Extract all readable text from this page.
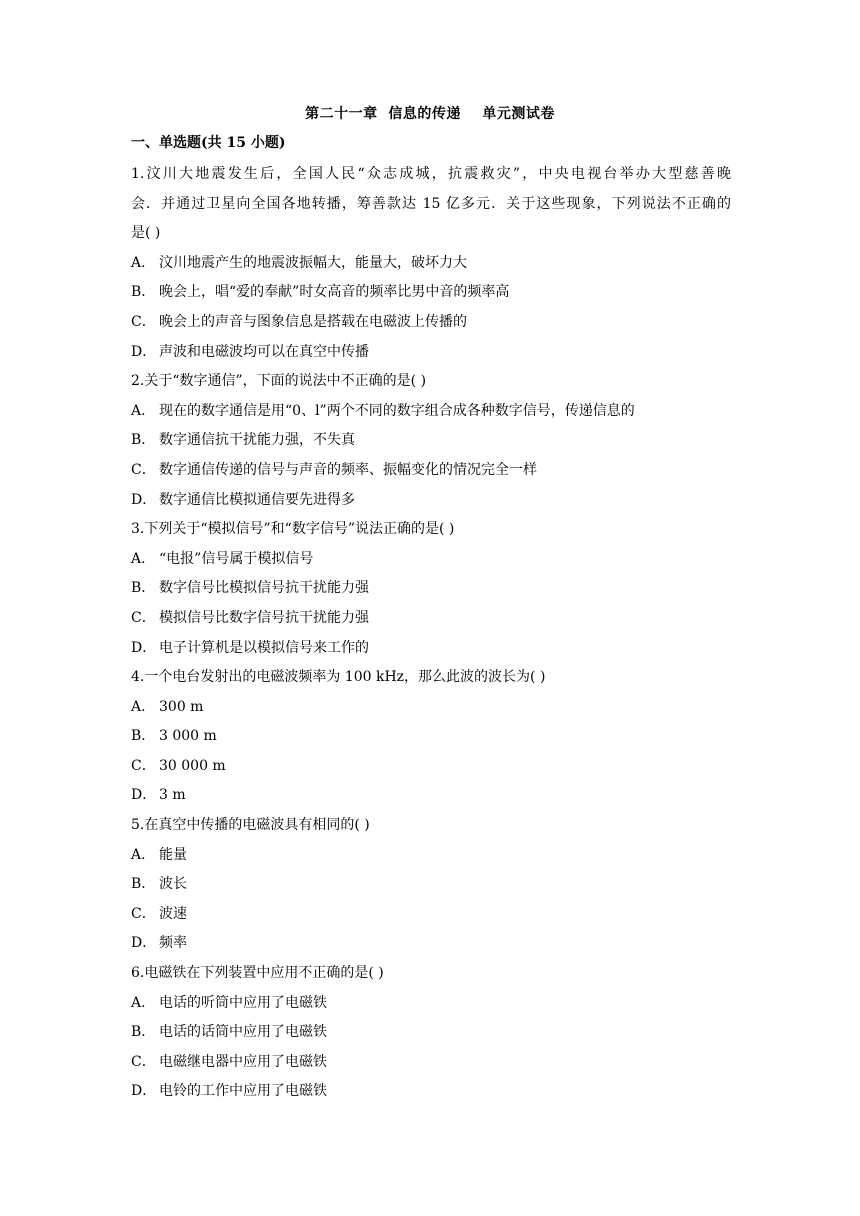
第二十一章  信息的传递    单元测试卷
一、单选题(共 15 小题)
1.汶川大地震发生后，全国人民“众志成城，抗震救灾”，中央电视台举办大型慈善晚
会．并通过卫星向全国各地转播，筹善款达 15 亿多元．关于这些现象，下列说法不正确的
是( )
A． 汶川地震产生的地震波振幅大，能量大，破坏力大
B． 晚会上，唱“爱的奉献”时女高音的频率比男中音的频率高
C． 晚会上的声音与图象信息是搭载在电磁波上传播的
D． 声波和电磁波均可以在真空中传播
2.关于“数字通信”，下面的说法中不正确的是( )
A． 现在的数字通信是用“0、l”两个不同的数字组合成各种数字信号，传递信息的
B． 数字通信抗干扰能力强，不失真
C． 数字通信传递的信号与声音的频率、振幅变化的情况完全一样
D． 数字通信比模拟通信要先进得多
3.下列关于“模拟信号”和“数字信号”说法正确的是( )
A． “电报”信号属于模拟信号
B． 数字信号比模拟信号抗干扰能力强
C． 模拟信号比数字信号抗干扰能力强
D． 电子计算机是以模拟信号来工作的
4.一个电台发射出的电磁波频率为 100 kHz，那么此波的波长为( )
A． 300 m
B． 3 000 m
C． 30 000 m
D． 3 m
5.在真空中传播的电磁波具有相同的( )
A． 能量
B． 波长
C． 波速
D． 频率
6.电磁铁在下列装置中应用不正确的是( )
A． 电话的听筒中应用了电磁铁
B． 电话的话筒中应用了电磁铁
C． 电磁继电器中应用了电磁铁
D． 电铃的工作中应用了电磁铁
